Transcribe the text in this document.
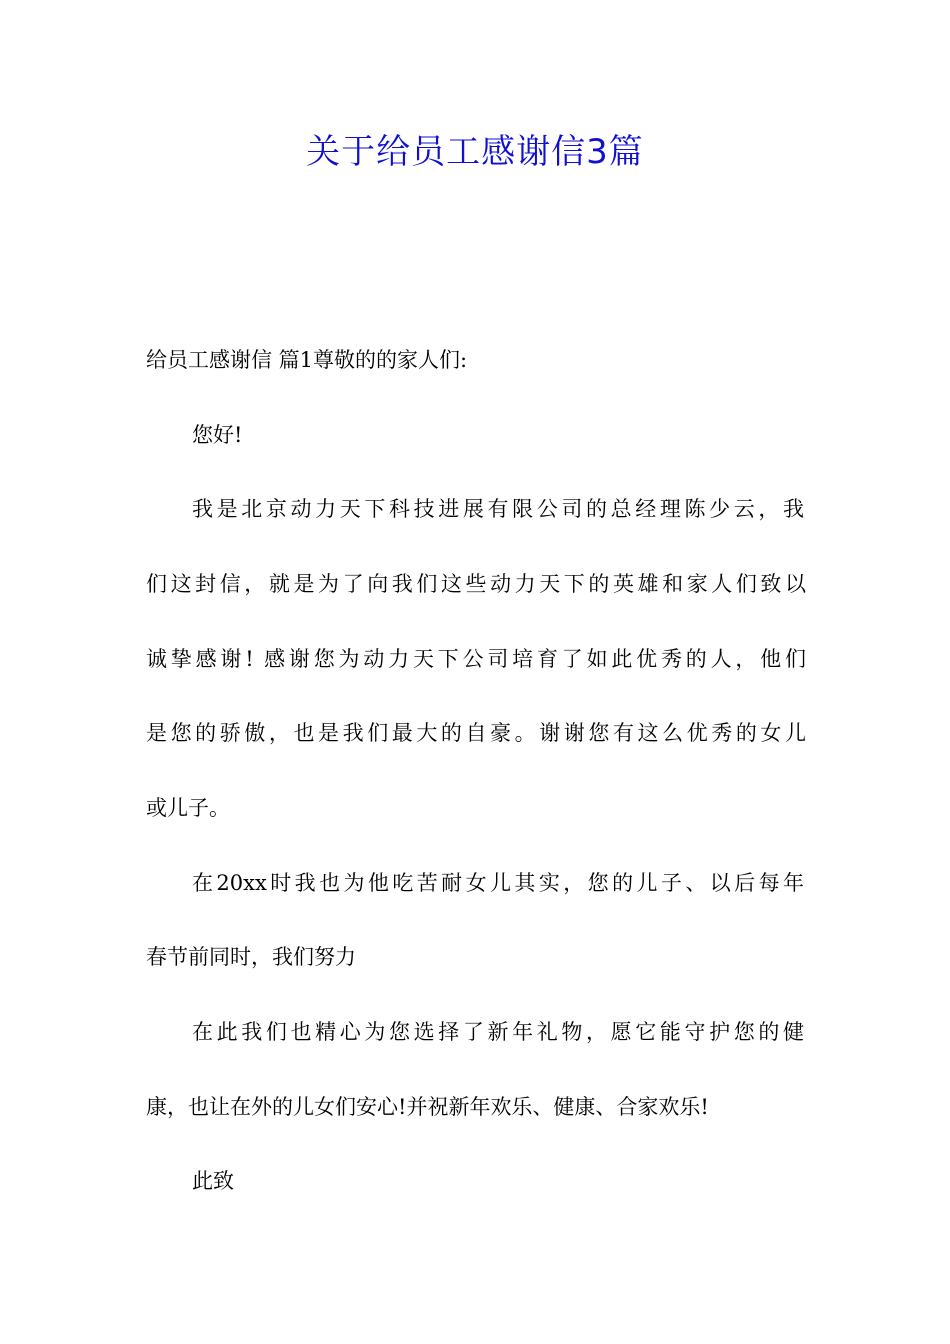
关于给员工感谢信3篇
给员工感谢信 篇1尊敬的的家人们:
您好!
我是北京动力天下科技进展有限公司的总经理陈少云，我
们这封信，就是为了向我们这些动力天下的英雄和家人们致以
诚挚感谢! 感谢您为动力天下公司培育了如此优秀的人，他们
是您的骄傲，也是我们最大的自豪。谢谢您有这么优秀的女儿
或儿子。
在20xx时我也为他吃苦耐女儿其实，您的儿子、以后每年
春节前同时，我们努力
在此我们也精心为您选择了新年礼物，愿它能守护您的健
康，也让在外的儿女们安心!并祝新年欢乐、健康、合家欢乐!
此致
